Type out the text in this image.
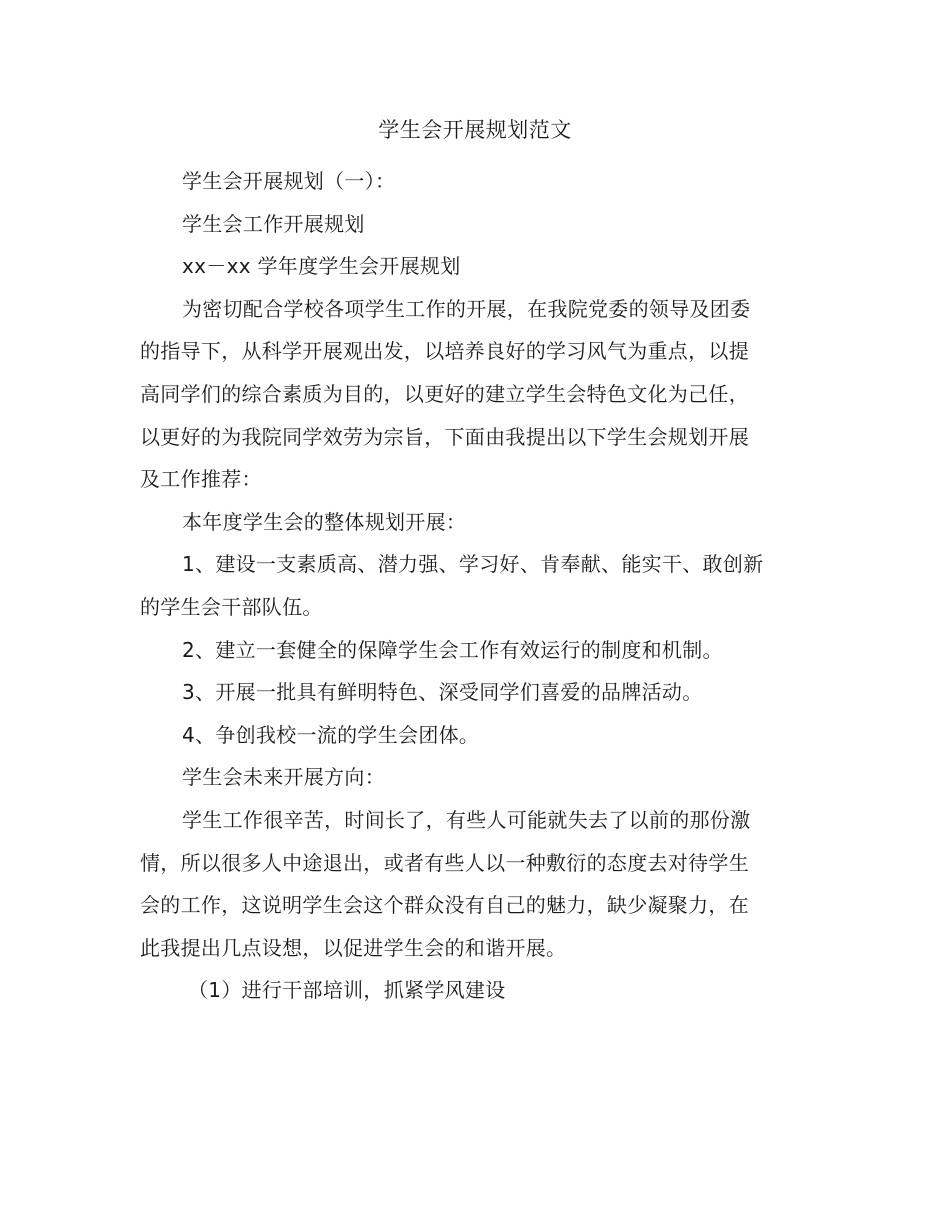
学生会开展规划范文

学生会开展规划（一）：

学生会工作开展规划

xx－xx 学年度学生会开展规划

为密切配合学校各项学生工作的开展，在我院党委的领导及团委

的指导下，从科学开展观出发，以培养良好的学习风气为重点，以提

高同学们的综合素质为目的，以更好的建立学生会特色文化为己任，

以更好的为我院同学效劳为宗旨，下面由我提出以下学生会规划开展

及工作推荐：

本年度学生会的整体规划开展：

1、建设一支素质高、潜力强、学习好、肯奉献、能实干、敢创新

的学生会干部队伍。

2、建立一套健全的保障学生会工作有效运行的制度和机制。

3、开展一批具有鲜明特色、深受同学们喜爱的品牌活动。

4、争创我校一流的学生会团体。

学生会未来开展方向：

学生工作很辛苦，时间长了，有些人可能就失去了以前的那份激

情，所以很多人中途退出，或者有些人以一种敷衍的态度去对待学生

会的工作，这说明学生会这个群众没有自己的魅力，缺少凝聚力，在

此我提出几点设想，以促进学生会的和谐开展。

（1）进行干部培训，抓紧学风建设
